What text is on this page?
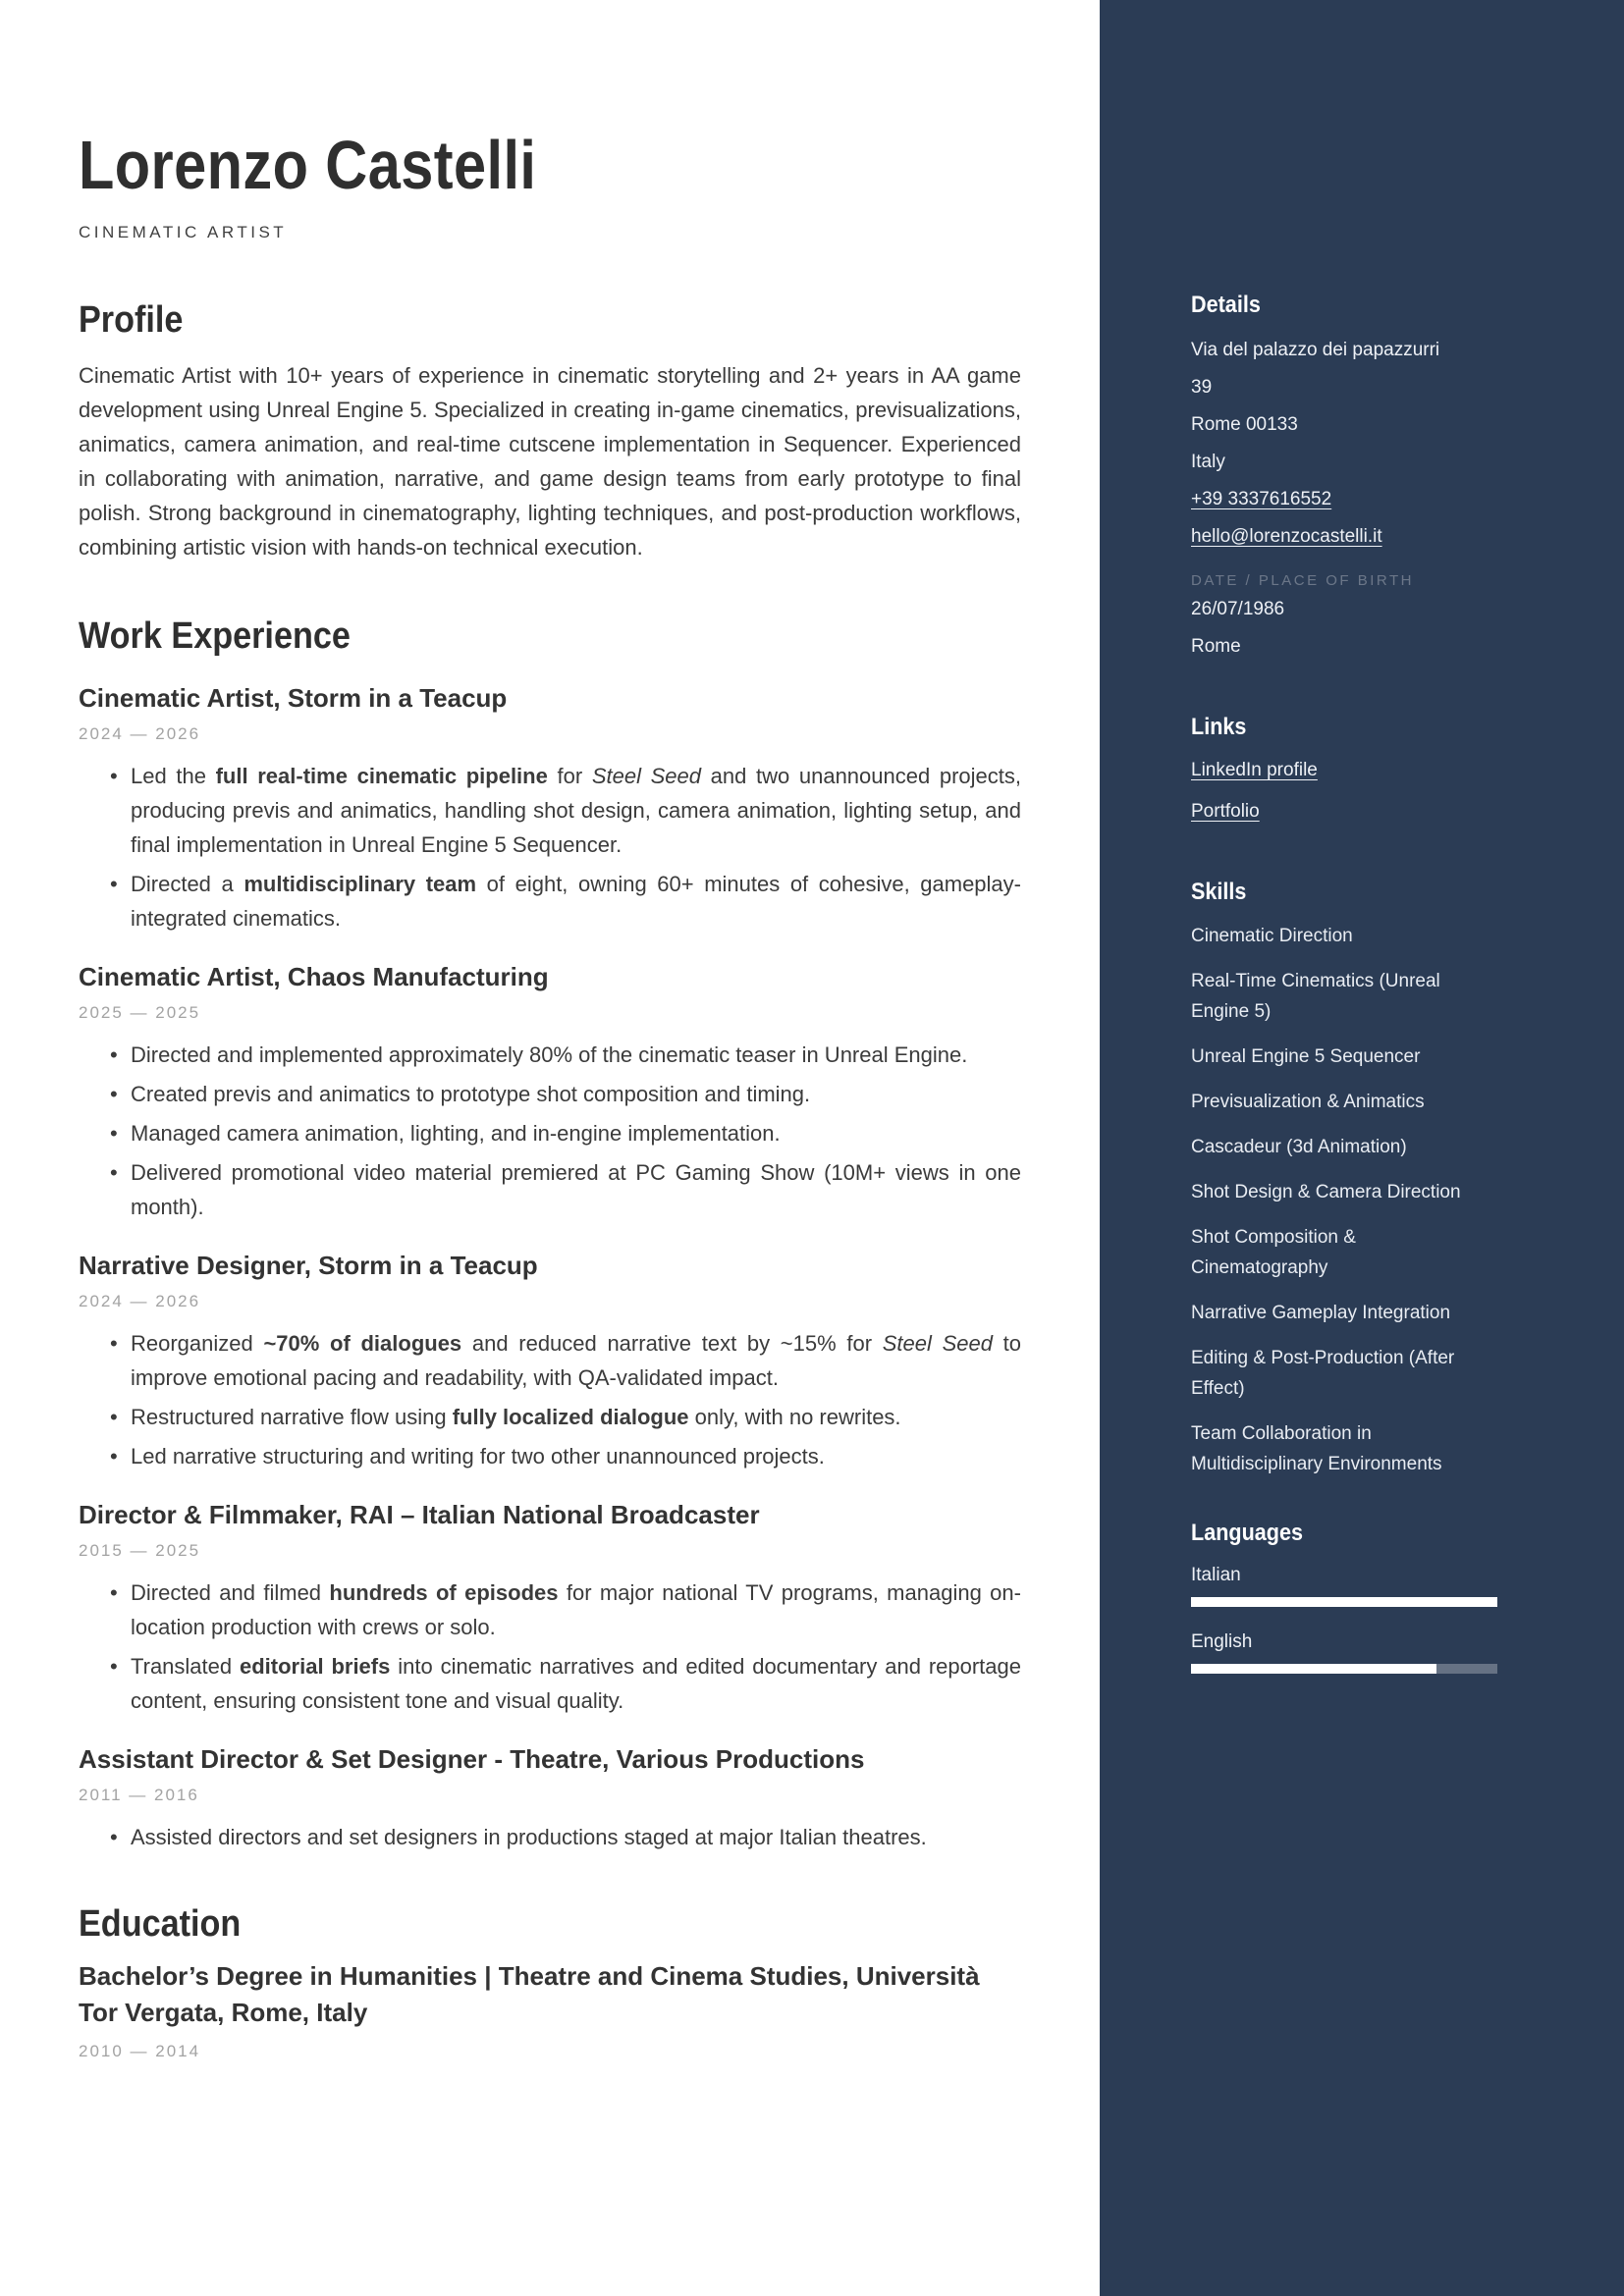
Lorenzo Castelli
CINEMATIC ARTIST
Profile

Cinematic Artist with 10+ years of experience in cinematic storytelling and 2+ years in AA game development using Unreal Engine 5. Specialized in creating in-game cinematics, previsualizations, animatics, camera animation, and real-time cutscene implementation in Sequencer. Experienced in collaborating with animation, narrative, and game design teams from early prototype to final polish. Strong background in cinematography, lighting techniques, and post-production workflows, combining artistic vision with hands-on technical execution.

Work Experience
Cinematic Artist, Storm in a Teacup
2024 — 2026
• Led the full real-time cinematic pipeline for Steel Seed and two unannounced projects, producing previs and animatics, handling shot design, camera animation, lighting setup, and final implementation in Unreal Engine 5 Sequencer.
• Directed a multidisciplinary team of eight, owning 60+ minutes of cohesive, gameplay-integrated cinematics.
Cinematic Artist, Chaos Manufacturing
2025 — 2025
• Directed and implemented approximately 80% of the cinematic teaser in Unreal Engine.
• Created previs and animatics to prototype shot composition and timing.
• Managed camera animation, lighting, and in-engine implementation.
• Delivered promotional video material premiered at PC Gaming Show (10M+ views in one month).
Narrative Designer, Storm in a Teacup
2024 — 2026
• Reorganized ~70% of dialogues and reduced narrative text by ~15% for Steel Seed to improve emotional pacing and readability, with QA-validated impact.
• Restructured narrative flow using fully localized dialogue only, with no rewrites.
• Led narrative structuring and writing for two other unannounced projects.
Director & Filmmaker, RAI – Italian National Broadcaster
2015 — 2025
• Directed and filmed hundreds of episodes for major national TV programs, managing on-location production with crews or solo.
• Translated editorial briefs into cinematic narratives and edited documentary and reportage content, ensuring consistent tone and visual quality.
Assistant Director & Set Designer - Theatre, Various Productions
2011 — 2016
• Assisted directors and set designers in productions staged at major Italian theatres.
Education
Bachelor’s Degree in Humanities | Theatre and Cinema Studies, Università Tor Vergata, Rome, Italy
2010 — 2014
Details
Via del palazzo dei papazzurri
39
Rome 00133
Italy
+39 3337616552
hello@lorenzocastelli.it
DATE / PLACE OF BIRTH
26/07/1986
Rome
Links
LinkedIn profile
Portfolio
Skills
Cinematic Direction
Real-Time Cinematics (Unreal Engine 5)
Unreal Engine 5 Sequencer
Previsualization & Animatics
Cascadeur (3d Animation)
Shot Design & Camera Direction
Shot Composition & Cinematography
Narrative Gameplay Integration
Editing & Post-Production (After Effect)
Team Collaboration in Multidisciplinary Environments
Languages
Italian
English
